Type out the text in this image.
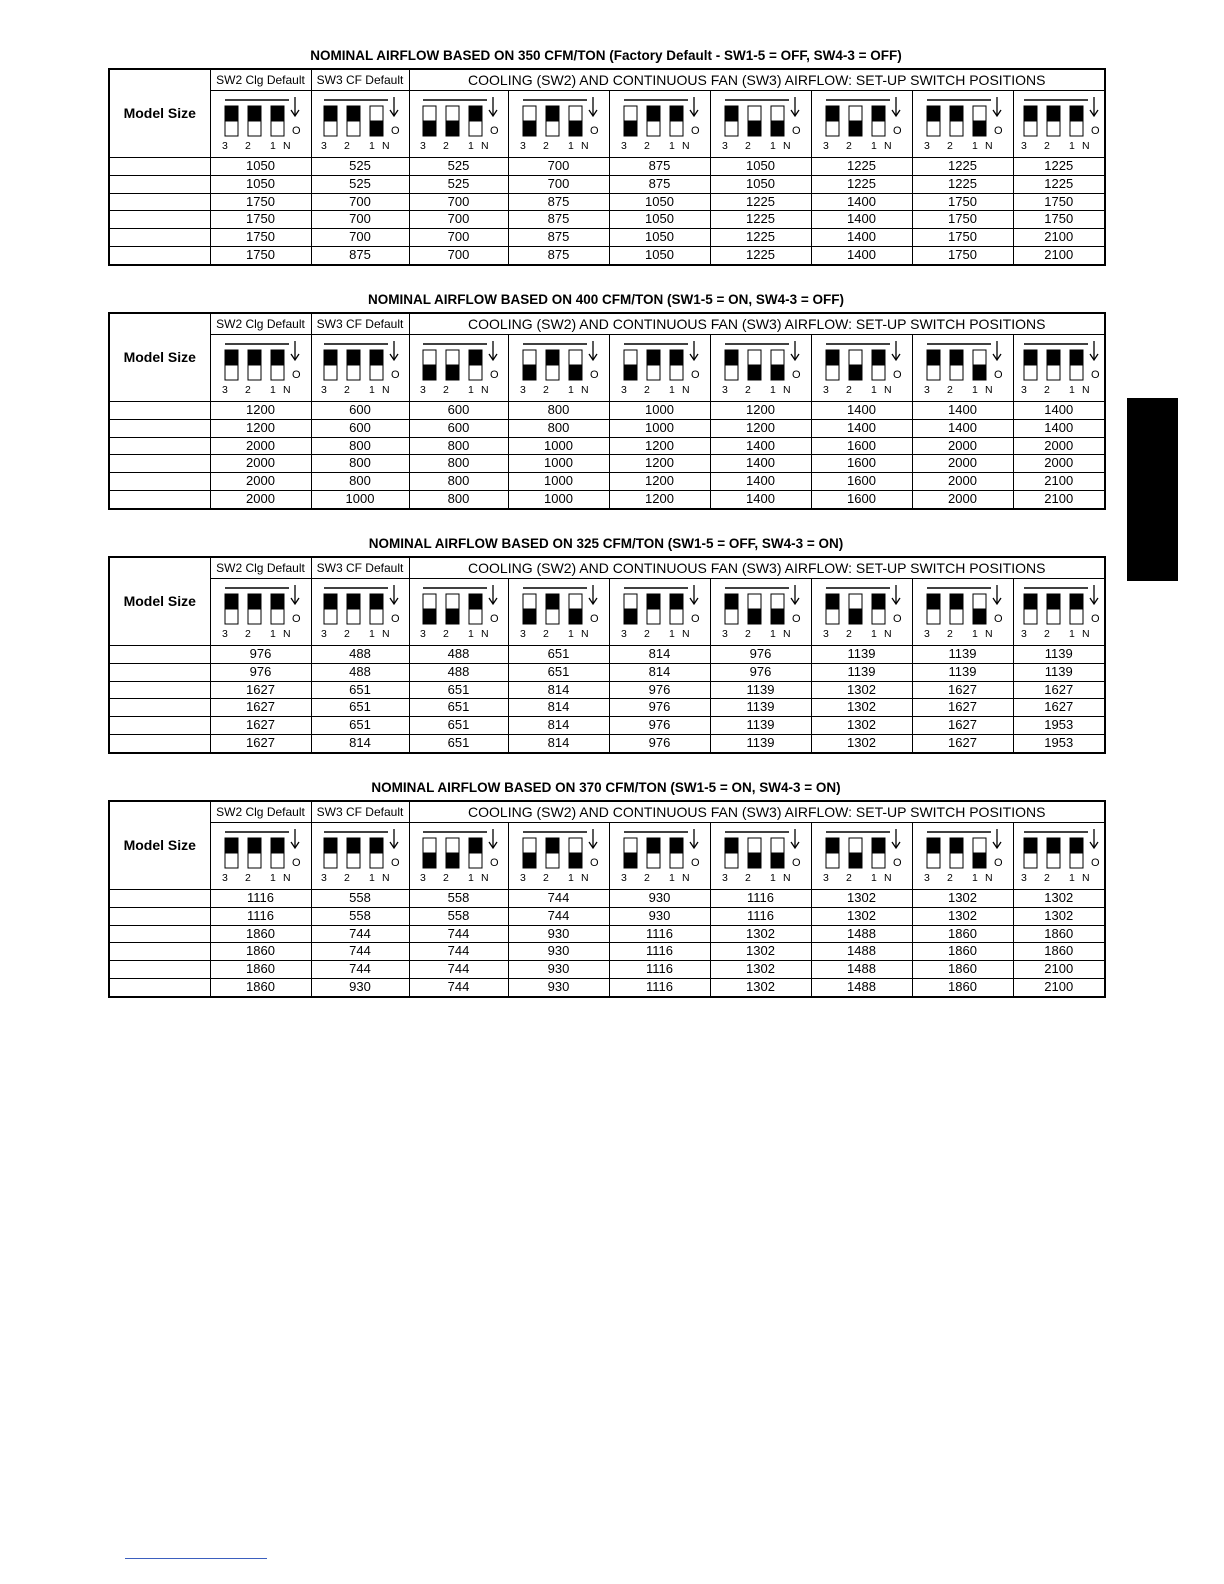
NOMINAL AIRFLOW BASED ON 350 CFM/TON (Factory Default - SW1-5 = OFF, SW4-3 = OFF)
Model Size	SW2 Clg Default	SW3 CF Default	COOLING (SW2) AND CONTINUOUS FAN (SW3) AIRFLOW: SET-UP SWITCH POSITIONS						

O
3 2 1 N	O
3 2 1 N	O
3 2 1 N	O
3 2 1 N	O
3 2 1 N	O
3 2 1 N	O
3 2 1 N	O
3 2 1 N	O
3 2 1 N

	1050	525	525	700	875	1050	1225	1225	1225
	1050	525	525	700	875	1050	1225	1225	1225
	1750	700	700	875	1050	1225	1400	1750	1750
	1750	700	700	875	1050	1225	1400	1750	1750
	1750	700	700	875	1050	1225	1400	1750	2100
	1750	875	700	875	1050	1225	1400	1750	2100
NOMINAL AIRFLOW BASED ON 400 CFM/TON (SW1-5 = ON, SW4-3 = OFF)
Model Size	SW2 Clg Default	SW3 CF Default	COOLING (SW2) AND CONTINUOUS FAN (SW3) AIRFLOW: SET-UP SWITCH POSITIONS						

O
3 2 1 N	O
3 2 1 N	O
3 2 1 N	O
3 2 1 N	O
3 2 1 N	O
3 2 1 N	O
3 2 1 N	O
3 2 1 N	O
3 2 1 N

	1200	600	600	800	1000	1200	1400	1400	1400
	1200	600	600	800	1000	1200	1400	1400	1400
	2000	800	800	1000	1200	1400	1600	2000	2000
	2000	800	800	1000	1200	1400	1600	2000	2000
	2000	800	800	1000	1200	1400	1600	2000	2100
	2000	1000	800	1000	1200	1400	1600	2000	2100
NOMINAL AIRFLOW BASED ON 325 CFM/TON (SW1-5 = OFF, SW4-3 = ON)
Model Size	SW2 Clg Default	SW3 CF Default	COOLING (SW2) AND CONTINUOUS FAN (SW3) AIRFLOW: SET-UP SWITCH POSITIONS						

O
3 2 1 N	O
3 2 1 N	O
3 2 1 N	O
3 2 1 N	O
3 2 1 N	O
3 2 1 N	O
3 2 1 N	O
3 2 1 N	O
3 2 1 N

	976	488	488	651	814	976	1139	1139	1139
	976	488	488	651	814	976	1139	1139	1139
	1627	651	651	814	976	1139	1302	1627	1627
	1627	651	651	814	976	1139	1302	1627	1627
	1627	651	651	814	976	1139	1302	1627	1953
	1627	814	651	814	976	1139	1302	1627	1953
NOMINAL AIRFLOW BASED ON 370 CFM/TON (SW1-5 = ON, SW4-3 = ON)
Model Size	SW2 Clg Default	SW3 CF Default	COOLING (SW2) AND CONTINUOUS FAN (SW3) AIRFLOW: SET-UP SWITCH POSITIONS						

O
3 2 1 N	O
3 2 1 N	O
3 2 1 N	O
3 2 1 N	O
3 2 1 N	O
3 2 1 N	O
3 2 1 N	O
3 2 1 N	O
3 2 1 N

	1116	558	558	744	930	1116	1302	1302	1302
	1116	558	558	744	930	1116	1302	1302	1302
	1860	744	744	930	1116	1302	1488	1860	1860
	1860	744	744	930	1116	1302	1488	1860	1860
	1860	744	744	930	1116	1302	1488	1860	2100
	1860	930	744	930	1116	1302	1488	1860	2100
